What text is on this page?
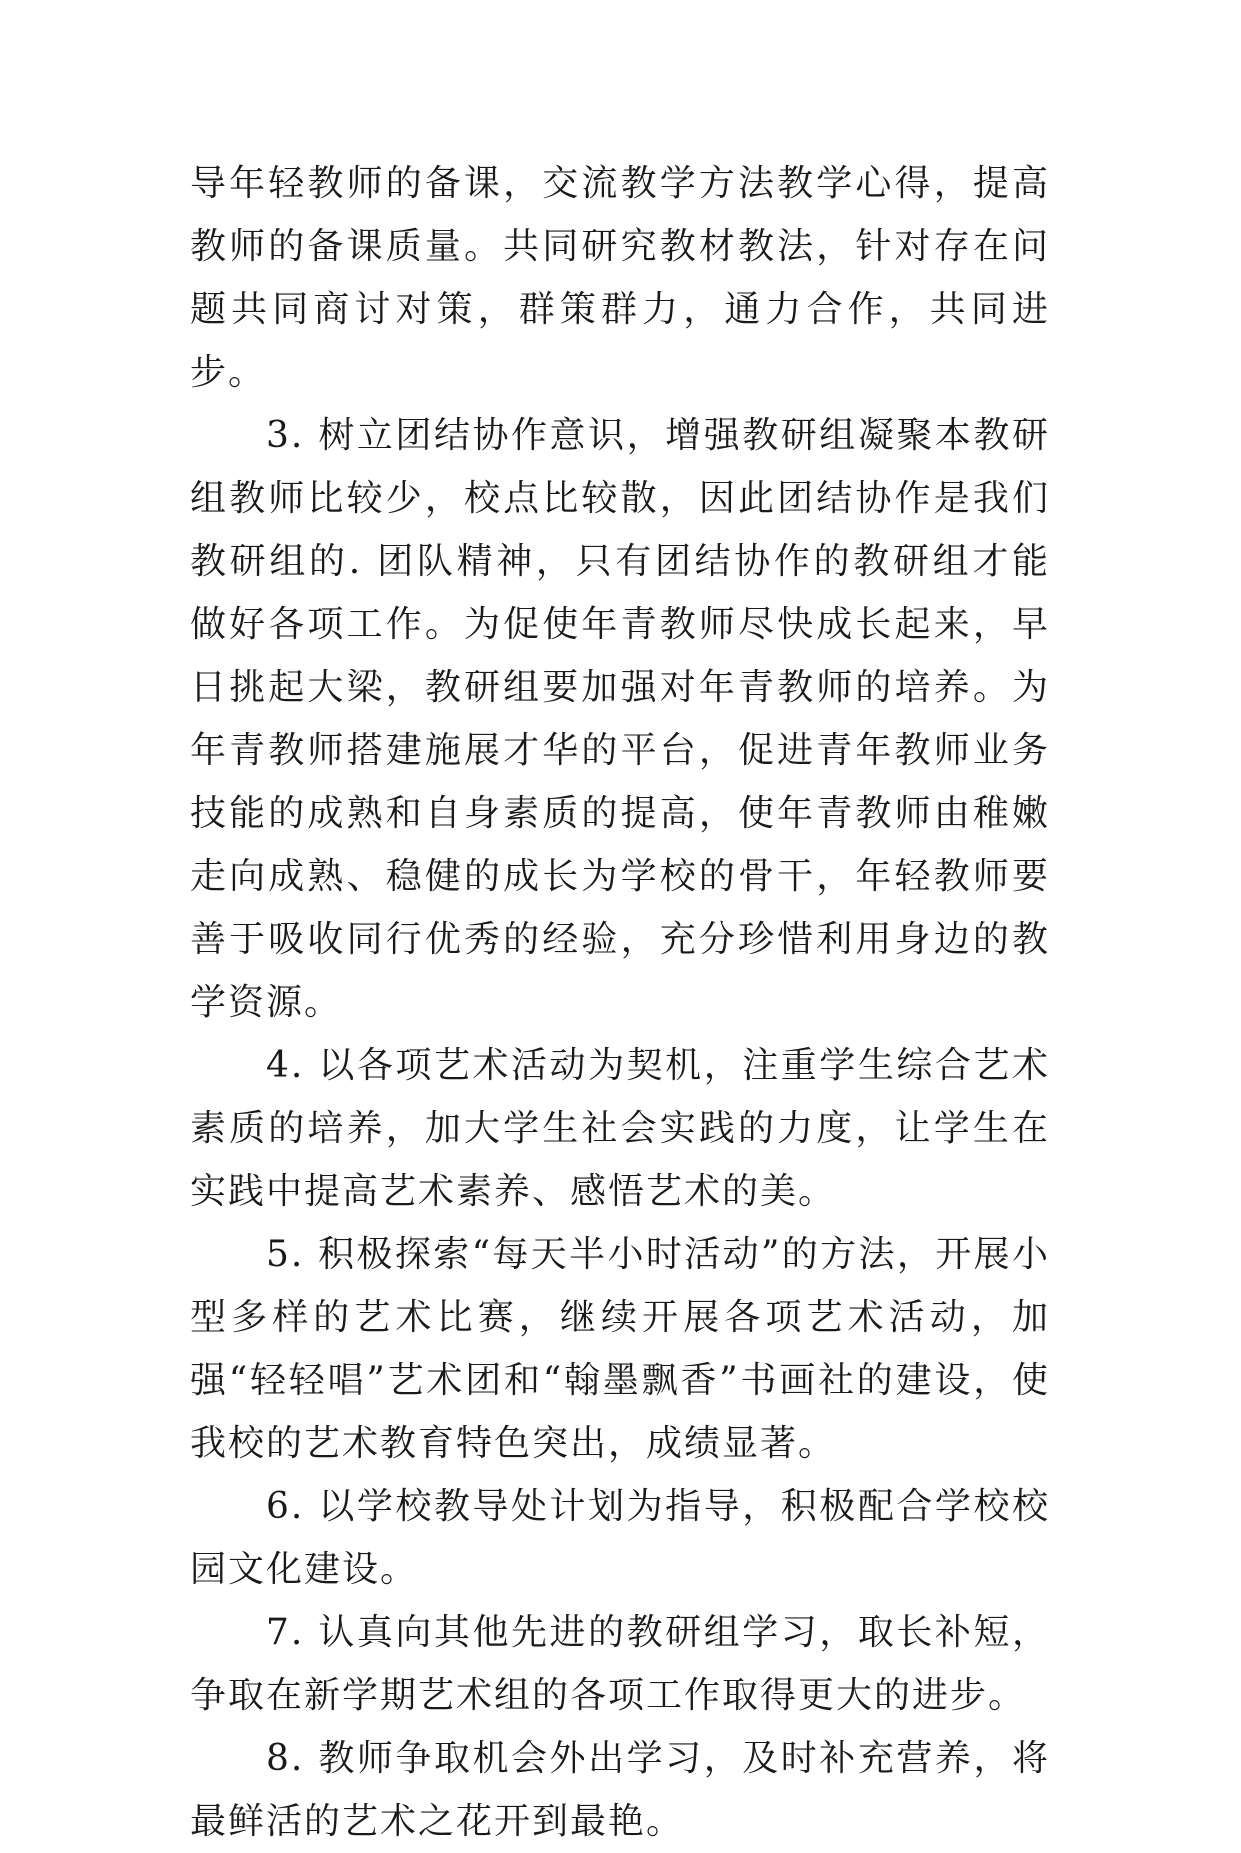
导年轻教师的备课，交流教学方法教学心得，提高教师的备课质量。共同研究教材教法，针对存在问题共同商讨对策，群策群力，通力合作，共同进步。

3. 树立团结协作意识，增强教研组凝聚本教研组教师比较少，校点比较散，因此团结协作是我们教研组的. 团队精神，只有团结协作的教研组才能做好各项工作。为促使年青教师尽快成长起来，早日挑起大梁，教研组要加强对年青教师的培养。为年青教师搭建施展才华的平台，促进青年教师业务技能的成熟和自身素质的提高，使年青教师由稚嫩走向成熟、稳健的成长为学校的骨干，年轻教师要善于吸收同行优秀的经验，充分珍惜利用身边的教学资源。

4. 以各项艺术活动为契机，注重学生综合艺术素质的培养，加大学生社会实践的力度，让学生在实践中提高艺术素养、感悟艺术的美。

5. 积极探索“每天半小时活动”的方法，开展小型多样的艺术比赛，继续开展各项艺术活动，加强“轻轻唱”艺术团和“翰墨飘香”书画社的建设，使我校的艺术教育特色突出，成绩显著。

6. 以学校教导处计划为指导，积极配合学校校园文化建设。

7. 认真向其他先进的教研组学习，取长补短，争取在新学期艺术组的各项工作取得更大的进步。

8. 教师争取机会外出学习，及时补充营养，将最鲜活的艺术之花开到最艳。
